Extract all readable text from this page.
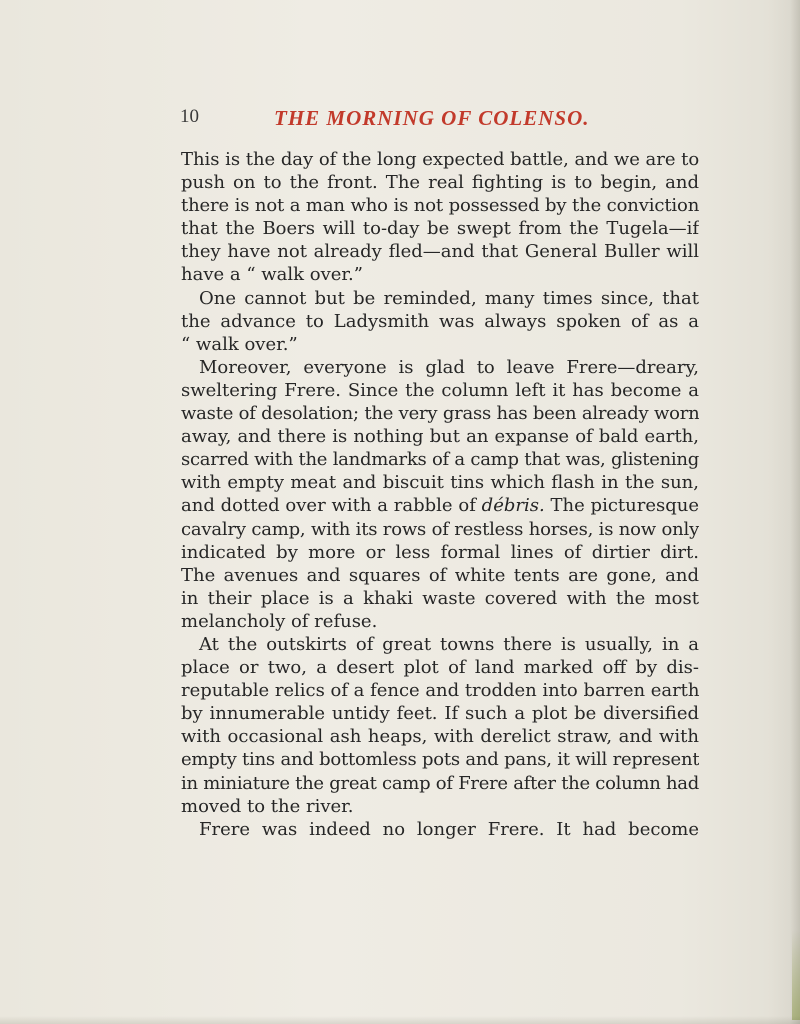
10	THE MORNING OF COLENSO.
This is the day of the long expected battle, and we are to
push on to the front. The real fighting is to begin, and
there is not a man who is not possessed by the conviction
that the Boers will to-day be swept from the Tugela—if
they have not already fled—and that General Buller will
have a “ walk over.”
One cannot but be reminded, many times since, that
the advance to Ladysmith was always spoken of as a
“ walk over.”
Moreover, everyone is glad to leave Frere—dreary,
sweltering Frere. Since the column left it has become a
waste of desolation; the very grass has been already worn
away, and there is nothing but an expanse of bald earth,
scarred with the landmarks of a camp that was, glistening
with empty meat and biscuit tins which flash in the sun,
and dotted over with a rabble of débris. The picturesque
cavalry camp, with its rows of restless horses, is now only
indicated by more or less formal lines of dirtier dirt.
The avenues and squares of white tents are gone, and
in their place is a khaki waste covered with the most
melancholy of refuse.
At the outskirts of great towns there is usually, in a
place or two, a desert plot of land marked off by dis-
reputable relics of a fence and trodden into barren earth
by innumerable untidy feet. If such a plot be diversified
with occasional ash heaps, with derelict straw, and with
empty tins and bottomless pots and pans, it will represent
in miniature the great camp of Frere after the column had
moved to the river.
Frere was indeed no longer Frere. It had become
